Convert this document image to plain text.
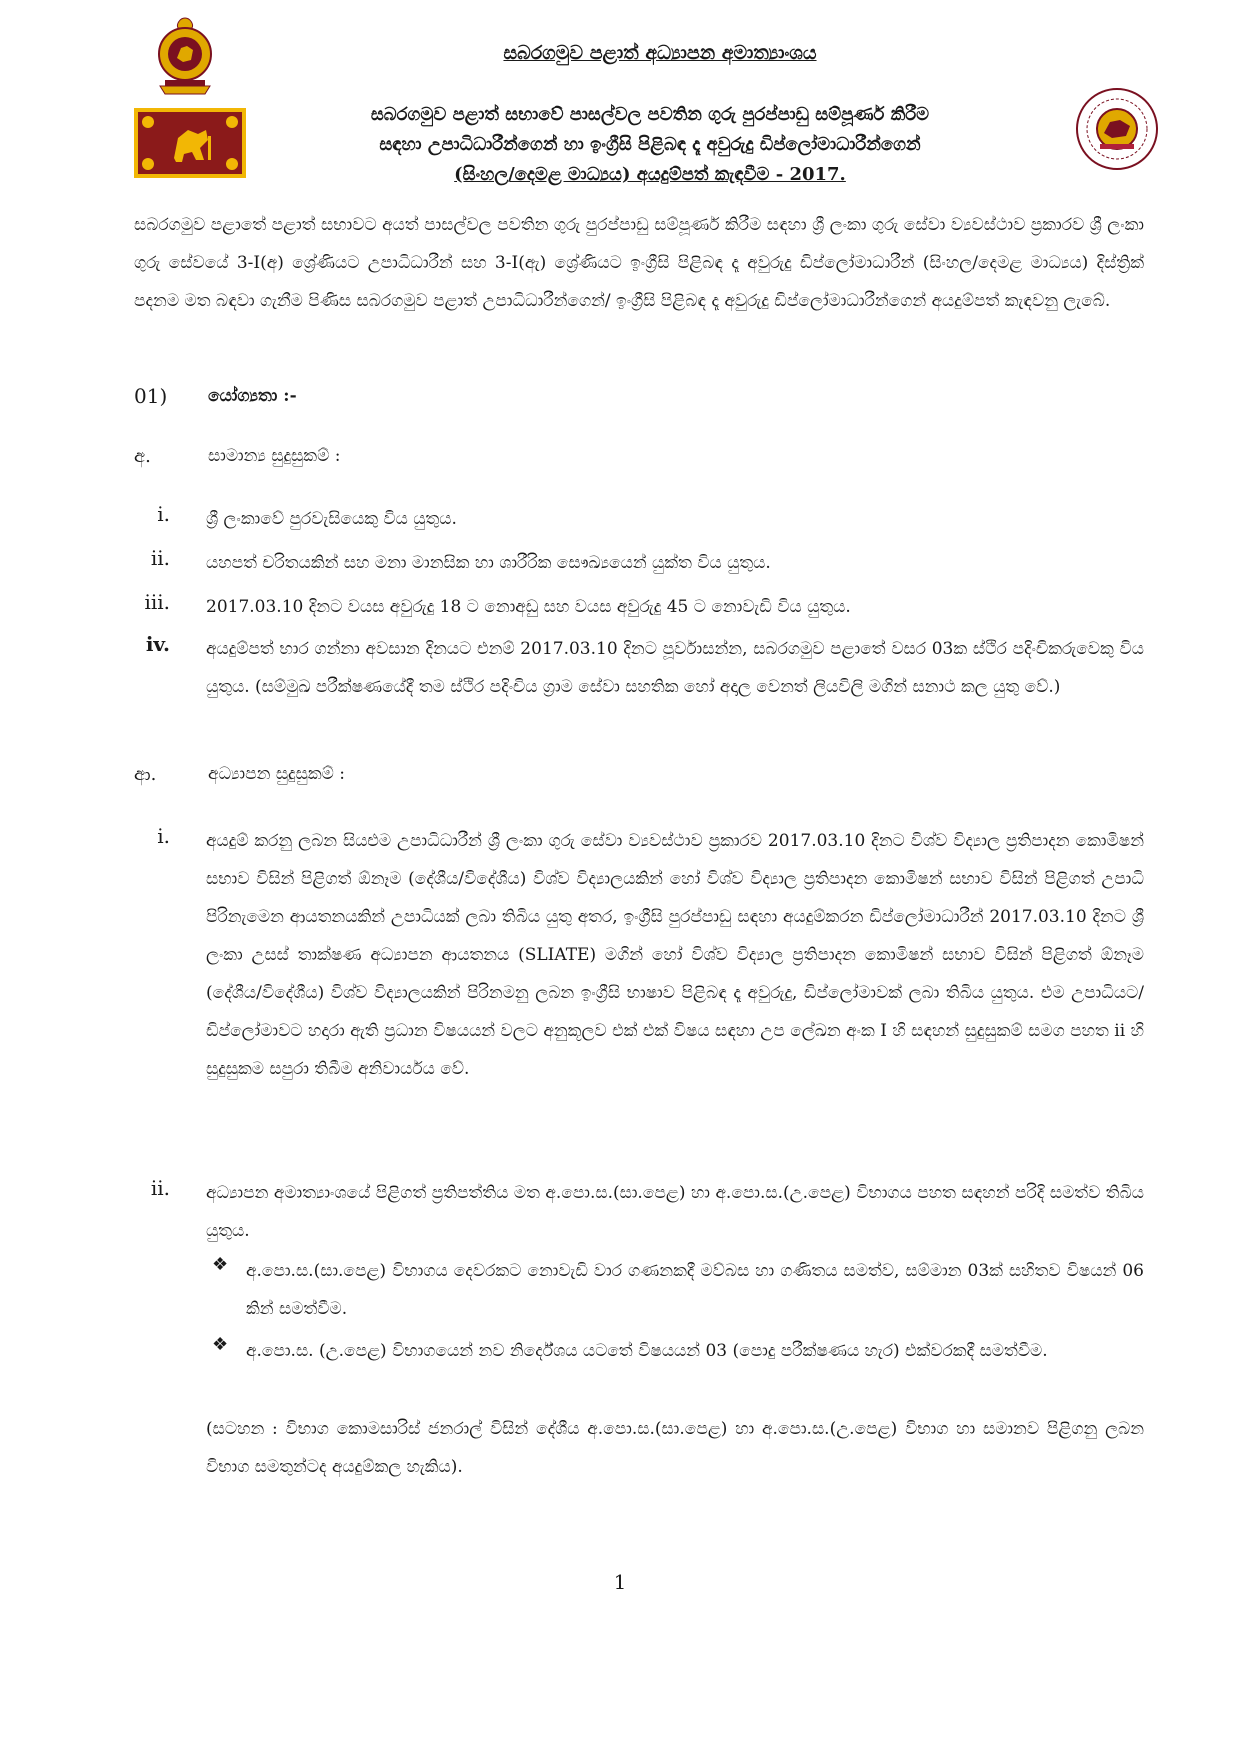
සබරගමුව පළාත් අධ්‍යාපන අමාත්‍යාංශය
සබරගමුව පළාත් සභාවේ පාසල්වල පවතින ගුරු පුරප්පාඩු සම්පූර්ණ කිරීම
සඳහා උපාධිධාරීන්ගෙන් හා ඉංග්‍රීසි පිළිබඳ දෑ අවුරුදු ඩිප්ලෝමාධාරීන්ගෙන්
(සිංහල/දෙමළ මාධ්‍යය) අයදුම්පත් කැඳවීම - 2017.

සබරගමුව පළාතේ පළාත් සභාවට අයත් පාසල්වල පවතින ගුරු පුරප්පාඩු සම්පූර්ණ කිරීම සඳහා ශ්‍රී ලංකා ගුරු සේවා ව්‍යවස්ථාව ප්‍රකාරව ශ්‍රී ලංකා ගුරු සේවයේ 3-I(අ) ශ්‍රේණියට උපාධිධාරීන් සහ 3-I(ඇ) ශ්‍රේණියට ඉංග්‍රීසි පිළිබඳ දෑ අවුරුදු ඩිප්ලෝමාධාරීන් (සිංහල/දෙමළ මාධ්‍යය) දිස්ත්‍රික් පදනම මත බඳවා ගැනීම පිණිස සබරගමුව පළාත් උපාධිධාරීන්ගෙන්/ ඉංග්‍රීසි පිළිබඳ දෑ අවුරුදු ඩිප්ලෝමාධාරීන්ගෙන් අයදුම්පත් කැඳවනු ලැබේ.

01) යෝග්‍යතා :-
අ.	සාමාන්‍ය සුදුසුකම් :
i. ශ්‍රී ලංකාවේ පුරවැසියෙකු විය යුතුය.
ii. යහපත් චරිතයකින් සහ මනා මානසික හා ශාරීරික සෞඛ්‍යයෙන් යුක්ත විය යුතුය.
iii. 2017.03.10 දිනට වයස අවුරුදු 18 ට නොඅඩු සහ වයස අවුරුදු 45 ට නොවැඩි විය යුතුය.
iv. අයදුම්පත් භාර ගන්නා අවසාන දිනයට එනම් 2017.03.10 දිනට පූර්වාසන්න, සබරගමුව පළාතේ වසර 03ක ස්ථිර පදිංචිකරුවෙකු විය යුතුය. (සම්මුඛ පරීක්ෂණයේදී තම ස්ථිර පදිංචිය ග්‍රාම සේවා සහතික හෝ අදාල වෙනත් ලියවිලි මගින් සනාථ කල යුතු වේ.)
ආ.	අධ්‍යාපන සුදුසුකම් :
i. අයදුම් කරනු ලබන සියළුම උපාධිධාරීන් ශ්‍රී ලංකා ගුරු සේවා ව්‍යවස්ථාව ප්‍රකාරව 2017.03.10 දිනට විශ්ව විද්‍යාල ප්‍රතිපාදන කොමිෂන් සභාව විසින් පිළිගත් ඕනෑම (දේශීය/විදේශීය) විශ්ව විද්‍යාලයකින් හෝ විශ්ව විද්‍යාල ප්‍රතිපාදන කොමිෂන් සභාව විසින් පිළිගත් උපාධි පිරිනැමෙන ආයතනයකින් උපාධියක් ලබා තිබිය යුතු අතර, ඉංග්‍රීසි පුරප්පාඩු සඳහා අයදුම්කරන ඩිප්ලෝමාධාරීන් 2017.03.10 දිනට ශ්‍රී ලංකා උසස් තාක්ෂණ අධ්‍යාපන ආයතනය (SLIATE) මගින් හෝ විශ්ව විද්‍යාල ප්‍රතිපාදන කොමිෂන් සභාව විසින් පිළිගත් ඕනෑම (දේශීය/විදේශීය) විශ්ව විද්‍යාලයකින් පිරිනමනු ලබන ඉංග්‍රීසි භාෂාව පිළිබඳ දෑ අවුරුදු, ඩිප්ලෝමාවක් ලබා තිබිය යුතුය. එම උපාධියට/ඩිප්ලෝමාවට හදාරා ඇති ප්‍රධාන විෂයයන් වලට අනුකූලව එක් එක් විෂය සඳහා උප ලේඛන අංක I හි සඳහන් සුදුසුකම් සමග පහත ii හි සුදුසුකම සපුරා තිබීම අනිවාර්යය වේ.
ii. අධ්‍යාපන අමාත්‍යාංශයේ පිළිගත් ප්‍රතිපත්තිය මත අ.පො.ස.(සා.පෙළ) හා අ.පො.ස.(උ.පෙළ) විභාගය පහත සඳහන් පරිදි සමත්ව තිබිය යුතුය.
❖ අ.පො.ස.(සා.පෙළ) විභාගය දෙවරකට නොවැඩි වාර ගණනකදී මව්බස හා ගණිතය සමත්ව, සම්මාන 03ක් සහිතව විෂයන් 06 කින් සමත්වීම.
❖ අ.පො.ස. (උ.පෙළ) විභාගයෙන් නව නිර්දේශය යටතේ විෂයයන් 03 (පොදු පරීක්ෂණය හැර) එක්වරකදී සමත්වීම.
(සටහන : විභාග කොමසාරිස් ජනරාල් විසින් දේශීය අ.පො.ස.(සා.පෙළ) හා අ.පො.ස.(උ.පෙළ) විභාග හා සමානව පිළිගනු ලබන විභාග සමතුන්ටද අයදුම්කල හැකිය).
1
